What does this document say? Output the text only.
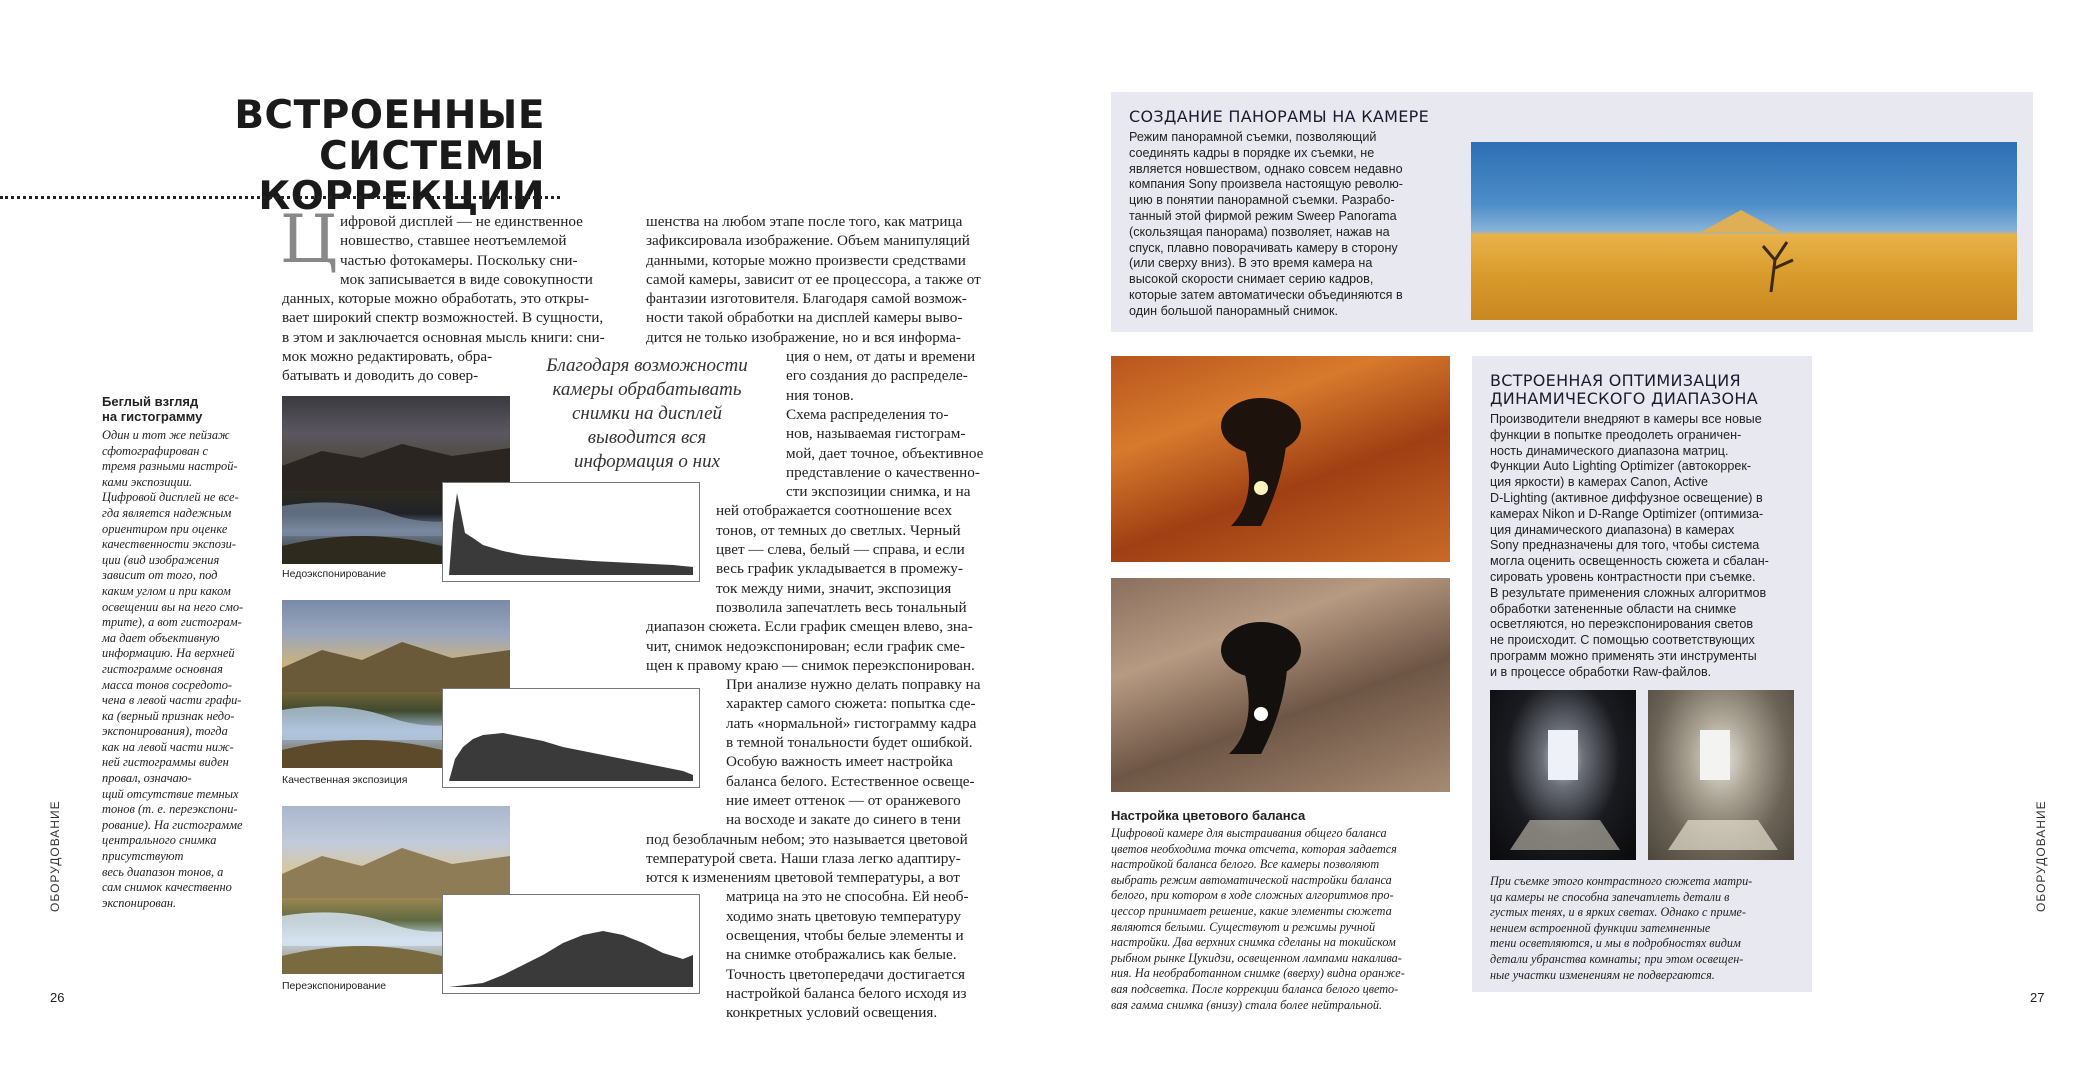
ВСТРОЕННЫЕ
СИСТЕМЫ КОРРЕКЦИИ
Ц ифровой дисплей — не единственное
новшество, ставшее неотъемлемой
частью фотокамеры. Поскольку сни-
мок записывается в виде совокупности
данных, которые можно обработать, это откры-
вает широкий спектр возможностей. В сущности,
в этом и заключается основная мысль книги: сни-
мок можно редактировать, обра-
батывать и доводить до совер-
шенства на любом этапе после того, как матрица
зафиксировала изображение. Объем манипуляций
данными, которые можно произвести средствами
самой камеры, зависит от ее процессора, а также от
фантазии изготовителя. Благодаря самой возмож-
ности такой обработки на дисплей камеры выво-
дится не только изображение, но и вся информа-
ция о нем, от даты и времени
его создания до распределе-
ния тонов.
Схема распределения то-
нов, называемая гистограм-
мой, дает точное, объективное
представление о качественно-
сти экспозиции снимка, и на
ней отображается соотношение всех
тонов, от темных до светлых. Черный
цвет — слева, белый — справа, и если
весь график укладывается в промежу-
ток между ними, значит, экспозиция
позволила запечатлеть весь тональный
диапазон сюжета. Если график смещен влево, зна-
чит, снимок недоэкспонирован; если график сме-
щен к правому краю — снимок переэкспонирован.
При анализе нужно делать поправку на
характер самого сюжета: попытка сде-
лать «нормальной» гистограмму кадра
в темной тональности будет ошибкой.
Особую важность имеет настройка
баланса белого. Естественное освеще-
ние имеет оттенок — от оранжевого
на восходе и закате до синего в тени
под безоблачным небом; это называется цветовой
температурой света. Наши глаза легко адаптиру-
ются к изменениям цветовой температуры, а вот
матрица на это не способна. Ей необ-
ходимо знать цветовую температуру
освещения, чтобы белые элементы и
на снимке отображались как белые.
Точность цветопередачи достигается
настройкой баланса белого исходя из
конкретных условий освещения.
Благодаря возможности
камеры обрабатывать
снимки на дисплей
выводится вся
информация о них
Беглый взгляд
на гистограмму
Один и тот же пейзаж
сфотографирован с
тремя разными настрой-
ками экспозиции.
Цифровой дисплей не все-
гда является надежным
ориентиром при оценке
качественности экспози-
ции (вид изображения
зависит от того, под
каким углом и при каком
освещении вы на него смо-
трите), а вот гистограм-
ма дает объективную
информацию. На верхней
гистограмме основная
масса тонов сосредото-
чена в левой части графи-
ка (верный признак недо-
экспонирования), тогда
как на левой части ниж-
ней гистограммы виден
провал, означаю-
щий отсутствие темных
тонов (т. е. переэкспони-
рование). На гистограмме
центрального снимка
присутствуют
весь диапазон тонов, а
сам снимок качественно
экспонирован.
Недоэкспонирование
Качественная экспозиция
Переэкспонирование
ОБОРУДОВАНИЕ
26
СОЗДАНИЕ ПАНОРАМЫ НА КАМЕРЕ
Режим панорамной съемки, позволяющий
соединять кадры в порядке их съемки, не
является новшеством, однако совсем недавно
компания Sony произвела настоящую револю-
цию в понятии панорамной съемки. Разрабо-
танный этой фирмой режим Sweep Panorama
(скользящая панорама) позволяет, нажав на
спуск, плавно поворачивать камеру в сторону
(или сверху вниз). В это время камера на
высокой скорости снимает серию кадров,
которые затем автоматически объединяются в
один большой панорамный снимок.
Настройка цветового баланса
Цифровой камере для выстраивания общего баланса
цветов необходима точка отсчета, которая задается
настройкой баланса белого. Все камеры позволяют
выбрать режим автоматической настройки баланса
белого, при котором в ходе сложных алгоритмов про-
цессор принимает решение, какие элементы сюжета
являются белыми. Существуют и режимы ручной
настройки. Два верхних снимка сделаны на токийском
рыбном рынке Цукидзи, освещенном лампами накалива-
ния. На необработанном снимке (вверху) видна оранже-
вая подсветка. После коррекции баланса белого цвето-
вая гамма снимка (внизу) стала более нейтральной.
ВСТРОЕННАЯ ОПТИМИЗАЦИЯ
ДИНАМИЧЕСКОГО ДИАПАЗОНА
Производители внедряют в камеры все новые
функции в попытке преодолеть ограничен-
ность динамического диапазона матриц.
Функции Auto Lighting Optimizer (автокоррек-
ция яркости) в камерах Canon, Active
D-Lighting (активное диффузное освещение) в
камерах Nikon и D-Range Optimizer (оптимиза-
ция динамического диапазона) в камерах
Sony предназначены для того, чтобы система
могла оценить освещенность сюжета и сбалан-
сировать уровень контрастности при съемке.
В результате применения сложных алгоритмов
обработки затененные области на снимке
осветляются, но переэкспонирования светов
не происходит. С помощью соответствующих
программ можно применять эти инструменты
и в процессе обработки Raw-файлов.
При съемке этого контрастного сюжета матри-
ца камеры не способна запечатлеть детали в
густых тенях, и в ярких светах. Однако с приме-
нением встроенной функции затемненные
тени осветляются, и мы в подробностях видим
детали убранства комнаты; при этом освещен-
ные участки изменениям не подвергаются.
ОБОРУДОВАНИЕ
27
